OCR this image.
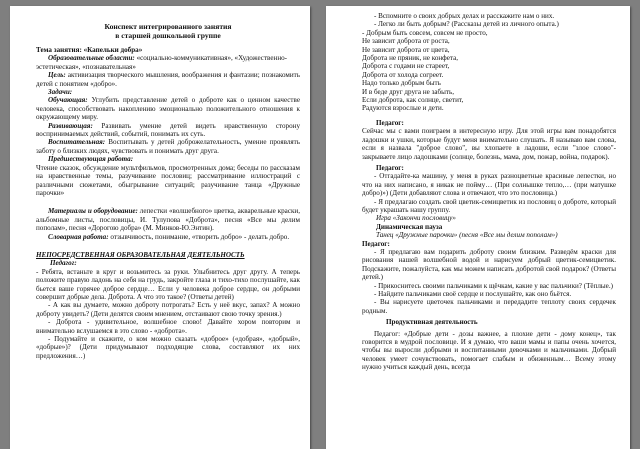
Конспект интегрированного занятия
в старшей дошкольной группе
Тема занятия: «Капельки добра»

Образовательные области: «социально-коммуникативная», «Художественно-эстетическая», «познавательная»

Цель: активизация творческого мышления, воображения и фантазии; познакомить детей с понятием «добро».

Задачи:

Обучающая: Углубить представление детей о доброте как о ценном качестве человека, способствовать накоплению эмоционально положительного отношения к окружающему миру.

Развивающая: Развивать умение детей видеть нравственную сторону воспринимаемых действий, событий, понимать их суть.

Воспитательная: Воспитывать у детей доброжелательность, умение проявлять заботу о близких людях, чувствовать и понимать друг друга.

Предшествующая работа:

Чтение сказок, обсуждение мультфильмов, просмотренных дома; беседы по рассказам на нравственные темы, разучивание пословиц; рассматривание иллюстраций с различными сюжетами, обыгрывание ситуаций; разучивание танца «Дружные парочки»

Материалы и оборудование: лепестки «волшебного» цветка, акварельные краски, альбомные листы, пословицы, И. Тулупова «Доброта», песня «Все мы делим пополам», песня «Дорогою добра» (М. Минков-Ю.Энтин).

Словарная работа: отзывчивость, понимание, «творить добро» - делать добро.

НЕПОСРЕДСТВЕННАЯ ОБРАЗОВАТЕЛЬНАЯ ДЕЯТЕЛЬНОСТЬ
Педагог:

- Ребята, встаньте в круг и возьмитесь за руки. Улыбнитесь друг другу. А теперь положите правую ладонь на себя на грудь, закройте глаза и тихо-тихо послушайте, как бьется ваше горячее доброе сердце… Если у человека доброе сердце, он добрыми совершит добрые дела. Доброта. А что это такое? (Ответы детей)

- А как вы думаете, можно доброту потрогать? Есть у неё вкус, запах? А можно доброту увидеть? (Дети делятся своим мнением, отстаивают свою точку зрения.)

- Доброта - удивительное, волшебное слово! Давайте хором повторим и внимательно вслушаемся в это слово - «доброта».

- Подумайте и скажите, о ком можно сказать «доброе» («добрая», «добрый», «добрые»)? (Дети придумывают подходящие слова, составляют их них предложения…)

- Вспомните о своих добрых делах и расскажите нам о них.

- Легко ли быть добрым? (Рассказы детей из личного опыта.)

- Добрым быть совсем, совсем не просто,
Не зависит доброта от роста,
Не зависит доброта от цвета,
Доброта не пряник, не конфета,
Доброта с годами не стареет,
Доброта от холода согреет.
Надо только добрым быть
И в беде друг друга не забыть,
Если доброта, как солнце, светит,
Радуются взрослые и дети.
Педагог:

Сейчас мы с вами поиграем в интересную игру. Для этой игры вам понадобятся ладошки и ушки, которые будут меня внимательно слушать. Я называю вам слова, если я назвала "доброе слово", вы хлопаете в ладоши, если "злое слово"- закрываете лицо ладошками (солнце, болезнь, мама, дом, пожар, война, подарок).

Педагог:

- Отгадайте-ка машину, у меня в руках разноцветные красивые лепестки, но что на них написано, я никак не пойму… (При солнышке тепло,… (при матушке добро)») (Дети добавляют слова и отвечают, что это пословица.)

- Я предлагаю создать свой цветик-семицветик из пословиц о доброте, который будет украшать нашу группу.

Игра «Закончи пословицу»
Динамическая пауза
Танец «Дружные парочки» (песня «Все мы делим пополам»)
Педагог:

- Я предлагаю вам подарить доброту своим близким. Разведём краски для рисования нашей волшебной водой и нарисуем добрый цветик-семицветик. Подскажите, пожалуйста, как мы можем написать добротой свой подарок? (Ответы детей.)

- Прикоснитесь своими пальчиками к щёчкам, какие у вас пальчики? (Тёплые.)

- Найдите пальчиками своё сердце и послушайте, как оно бьётся.

- Вы нарисуете цветочек пальчиками и передадите теплоту своих сердечек родным.

Продуктивная деятельность

Педагог: «Добрые дети - дозы важнее, а плохие дети - дому конец», так говорится в мудрой пословице. И я думаю, что ваши мамы и папы очень хочется, чтобы вы выросли добрыми и воспитанными девочками и мальчиками. Добрый человек умеет сочувствовать, помогает слабым и обиженным… Всему этому нужно учиться каждый день, всегда
